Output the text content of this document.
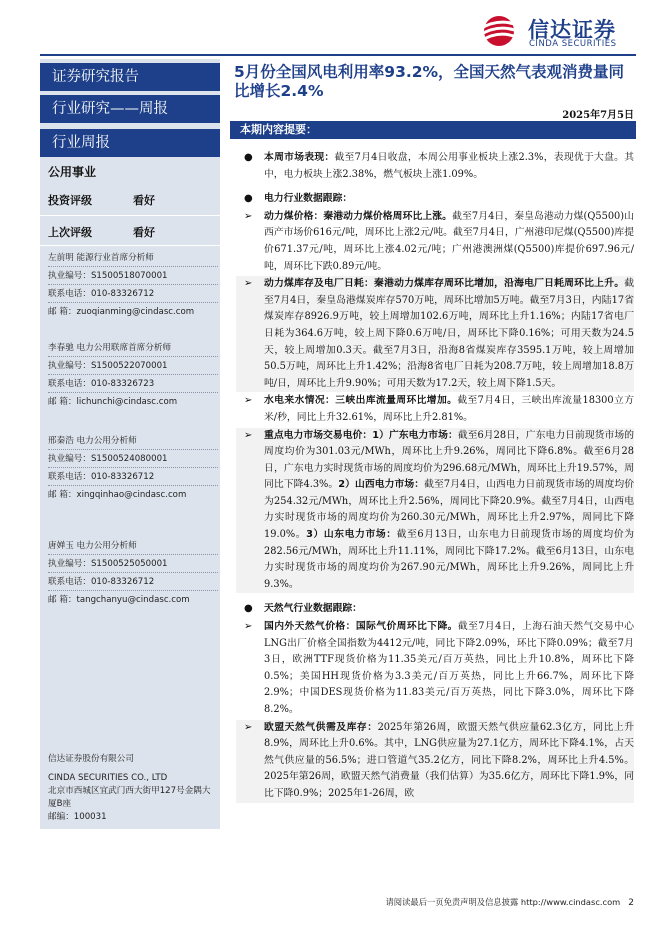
信达证券
CINDA SECURITIES
证券研究报告
行业研究——周报
行业周报
公用事业
投资评级	看好
上次评级	看好
左前明 能源行业首席分析师
执业编号：S1500518070001
联系电话：010-83326712
邮 箱：zuoqianming@cindasc.com
李春驰 电力公用联席首席分析师
执业编号：S1500522070001
联系电话：010-83326723
邮 箱：lichunchi@cindasc.com
邢秦浩 电力公用分析师
执业编号：S1500524080001
联系电话：010-83326712
邮 箱：xingqinhao@cindasc.com
唐婵玉 电力公用分析师
执业编号：S1500525050001
联系电话：010-83326712
邮 箱：tangchanyu@cindasc.com
信达证券股份有限公司
CINDA SECURITIES CO., LTD
北京市西城区宜武门西大街甲127号金隅大厦B座
邮编：100031
5月份全国风电利用率93.2%，全国天然气表观消费量同比增长2.4%
2025年7月5日
本期内容提要：
● 本周市场表现：截至7月4日收盘，本周公用事业板块上涨2.3%，表现优于大盘。其中，电力板块上涨2.38%，燃气板块上涨1.09%。
● 电力行业数据跟踪：
➢ 动力煤价格：秦港动力煤价格周环比上涨。截至7月4日，秦皇岛港动力煤(Q5500)山西产市场价616元/吨，周环比上涨2元/吨。截至7月4日，广州港印尼煤(Q5500)库提价671.37元/吨，周环比上涨4.02元/吨；广州港澳洲煤(Q5500)库提价697.96元/吨，周环比下跌0.89元/吨。
➢ 动力煤库存及电厂日耗：秦港动力煤库存周环比增加，沿海电厂日耗周环比上升。截至7月4日，秦皇岛港煤炭库存570万吨，周环比增加5万吨。截至7月3日，内陆17省煤炭库存8926.9万吨，较上周增加102.6万吨，周环比上升1.16%；内陆17省电厂日耗为364.6万吨，较上周下降0.6万吨/日，周环比下降0.16%；可用天数为24.5天，较上周增加0.3天。截至7月3日，沿海8省煤炭库存3595.1万吨，较上周增加50.5万吨，周环比上升1.42%；沿海8省电厂日耗为208.7万吨，较上周增加18.8万吨/日，周环比上升9.90%；可用天数为17.2天，较上周下降1.5天。
➢ 水电来水情况：三峡出库流量周环比增加。截至7月4日，三峡出库流量18300立方米/秒，同比上升32.61%，周环比上升2.81%。
➢ 重点电力市场交易电价：1）广东电力市场：截至6月28日，广东电力日前现货市场的周度均价为301.03元/MWh，周环比上升9.26%，周同比下降6.8%。截至6月28日，广东电力实时现货市场的周度均价为296.68元/MWh，周环比上升19.57%，周同比下降4.3%。2）山西电力市场：截至7月4日，山西电力日前现货市场的周度均价为254.32元/MWh，周环比上升2.56%，周同比下降20.9%。截至7月4日，山西电力实时现货市场的周度均价为260.30元/MWh，周环比上升2.97%，周同比下降19.0%。3）山东电力市场：截至6月13日，山东电力日前现货市场的周度均价为282.56元/MWh，周环比上升11.11%，周同比下降17.2%。截至6月13日，山东电力实时现货市场的周度均价为267.90元/MWh，周环比上升9.26%，周同比上升9.3%。
● 天然气行业数据跟踪：
➢ 国内外天然气价格：国际气价周环比下降。截至7月4日，上海石油天然气交易中心LNG出厂价格全国指数为4412元/吨，同比下降2.09%，环比下降0.09%；截至7月3日，欧洲TTF现货价格为11.35美元/百万英热，同比上升10.8%，周环比下降0.5%；美国HH现货价格为3.3美元/百万英热，同比上升66.7%，周环比下降2.9%；中国DES现货价格为11.83美元/百万英热，同比下降3.0%，周环比下降8.2%。
➢ 欧盟天然气供需及库存：2025年第26周，欧盟天然气供应量62.3亿方，同比上升8.9%，周环比上升0.6%。其中，LNG供应量为27.1亿方，周环比下降4.1%，占天然气供应量的56.5%；进口管道气35.2亿方，同比下降8.2%，周环比上升4.5%。2025年第26周，欧盟天然气消费量（我们估算）为35.6亿方，周环比下降1.9%，同比下降0.9%；2025年1-26周，欧
请阅读最后一页免责声明及信息披露 http://www.cindasc.com 2
